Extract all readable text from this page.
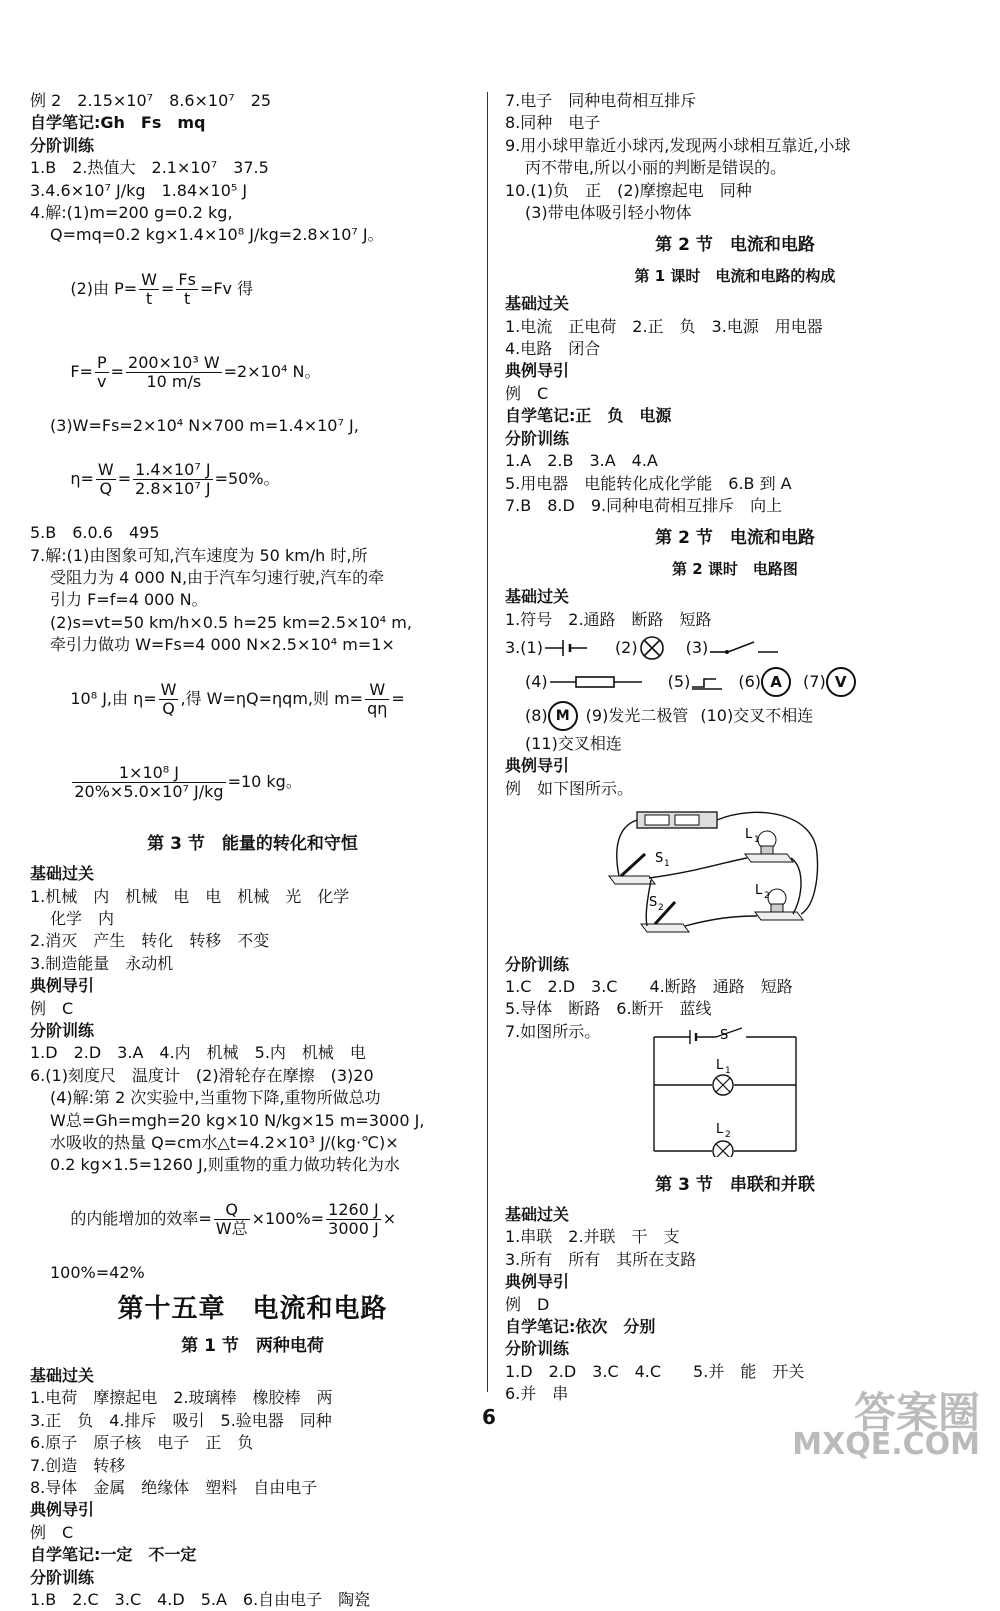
例 2　2.15×10⁷　8.6×10⁷　25
自学笔记:Gh　Fs　mq
分阶训练
1.B　2.热值大　2.1×10⁷　37.5
3.4.6×10⁷ J/kg　1.84×10⁵ J
4.解:(1)m=200 g=0.2 kg,
Q=mq=0.2 kg×1.4×10⁸ J/kg=2.8×10⁷ J。

(2)由 $P= \frac{W}{t} = \frac{Fs}{t} =Fv$ 得

$F= \frac{P}{v} = \frac{\text{200×10³ W}}{10 m/s} =2\times 10^4$ N。

(3)W=Fs=2×10⁴ N×700 m=1.4×10⁷ J,

$\eta= \frac{W}{Q} = \frac{\text{1.4×10⁷ J}}{\text{2.8×10⁷ J}} =50\%$。

5.B　6.0.6　495
7.解:(1)由图象可知,汽车速度为 50 km/h 时,所
受阻力为 4 000 N,由于汽车匀速行驶,汽车的牵
引力 F=f=4 000 N。
(2)s=vt=50 km/h×0.5 h=25 km=2.5×10⁴ m,
牵引力做功 W=Fs=4 000 N×2.5×10⁴ m=1×

10⁸ J,由 $\eta= \frac{W}{Q}$ ,得 W=ηQ=ηqm,则 $m= \frac{W}{q\eta}$ =

$\frac{\text{1×10⁸ J}}{\text{20\%×5.0×10⁷ J/kg}} =10$ kg。

第 3 节　能量的转化和守恒
基础过关
1.机械　内　机械　电　电　机械　光　化学
化学　内
2.消灭　产生　转化　转移　不变
3.制造能量　永动机
典例导引
例　C
分阶训练
1.D　2.D　3.A　4.内　机械　5.内　机械　电
6.(1)刻度尺　温度计　(2)滑轮存在摩擦　(3)20
(4)解:第 2 次实验中,当重物下降,重物所做总功
W总=Gh=mgh=20 kg×10 N/kg×15 m=3000 J,
水吸收的热量 Q=cm水△t=4.2×10³ J/(kg·℃)×
0.2 kg×1.5=1260 J,则重物的重力做功转化为水

的内能增加的效率= $\frac{Q}{\text{W总}} \times 100\%= \frac{1260 J}{3000 J}$ ×

100%=42%
第十五章　电流和电路
第 1 节　两种电荷
基础过关
1.电荷　摩擦起电　2.玻璃棒　橡胶棒　两
3.正　负　4.排斥　吸引　5.验电器　同种
6.原子　原子核　电子　正　负
7.创造　转移
8.导体　金属　绝缘体　塑料　自由电子
典例导引
例　C
自学笔记:一定　不一定
分阶训练
1.B　2.C　3.C　4.D　5.A　6.自由电子　陶瓷
7.电子　同种电荷相互排斥
8.同种　电子
9.用小球甲靠近小球丙,发现两小球相互靠近,小球
丙不带电,所以小丽的判断是错误的。
10.(1)负　正　(2)摩擦起电　同种
(3)带电体吸引轻小物体
第 2 节　电流和电路
第 1 课时　电流和电路的构成
基础过关
1.电流　正电荷　2.正　负　3.电源　用电器
4.电路　闭合
典例导引
例　C
自学笔记:正　负　电源
分阶训练
1.A　2.B　3.A　4.A
5.用电器　电能转化成化学能　6.B 到 A
7.B　8.D　9.同种电荷相互排斥　向上
第 2 节　电流和电路
第 2 课时　电路图
基础过关
1.符号　2.通路　断路　短路
3.(1)	(2)	(3)
(4)	(5)	(6) A	(7) V
(8) M	(9)发光二极管 (10)交叉不相连
(11)交叉相连
典例导引
例　如下图所示。
S 1
S 2
L 1
L 2
分阶训练
1.C　2.D　3.C　　4.断路　通路　短路
5.导体　断路　6.断开　蓝线
7.如图所示。	S
L 1
L 2
第 3 节　串联和并联
基础过关
1.串联　2.并联　干　支
3.所有　所有　其所在支路
典例导引
例　D
自学笔记:依次　分别
分阶训练
1.D　2.D　3.C　4.C　　5.并　能　开关
6.并　串
6	答案圈
MXQE.COM
